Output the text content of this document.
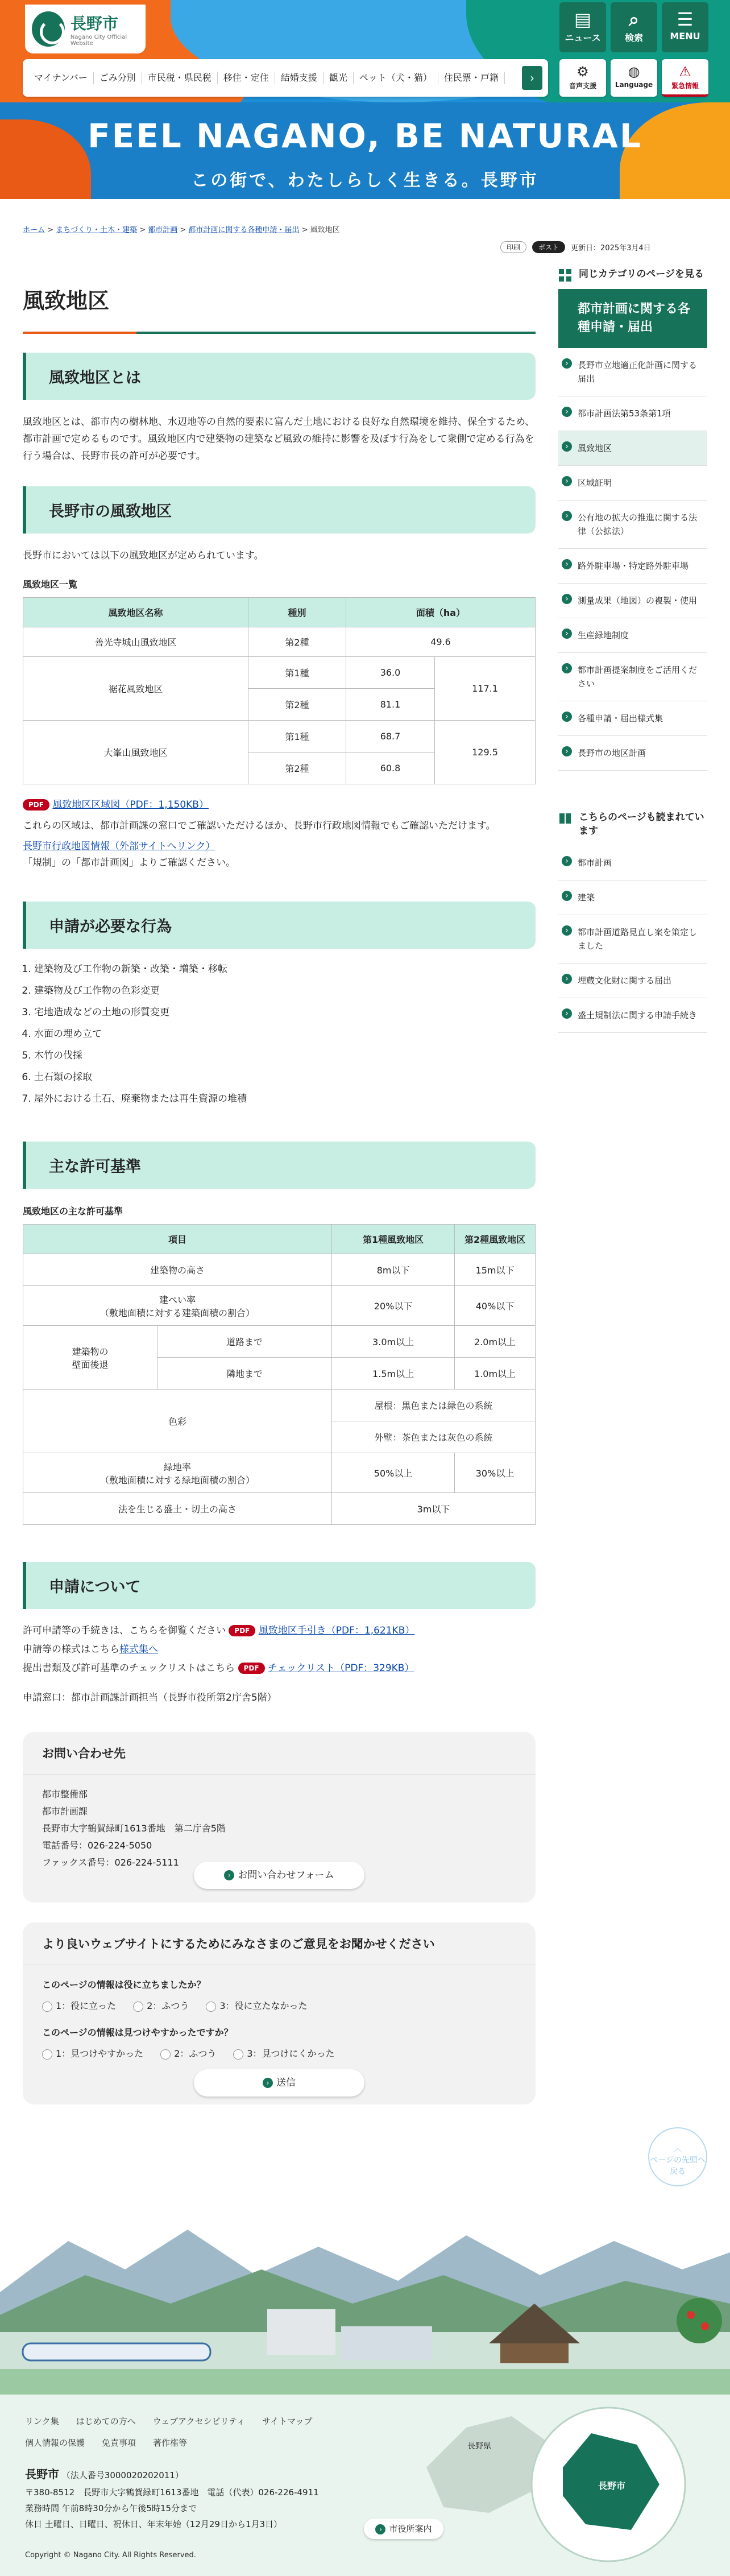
FEEL NAGANO, BE NATURAL
この街で、わたしらしく生きる。長野市
長野市
Nagano City Official Website
マイナンバー	ごみ分別	市民税・県民税	移住・定住	結婚支援	観光	ペット（犬・猫）	住民票・戸籍	›
▤
ニュース
⌕
検索
☰
MENU
⚙
音声支援
◍
Language
⚠
緊急情報
ホーム > まちづくり・土木・建築 > 都市計画 > 都市計画に関する各種申請・届出 > 風致地区
印刷	ポスト	更新日：2025年3月4日
風致地区
風致地区とは
風致地区とは、都市内の樹林地、水辺地等の自然的要素に富んだ土地における良好な自然環境を維持、保全するため、都市計画で定めるものです。風致地区内で建築物の建築など風致の維持に影響を及ぼす行為をして衆側で定める行為を行う場合は、長野市長の許可が必要です。
長野市の風致地区
長野市においては以下の風致地区が定められています。
風致地区一覧
風致地区名称	種別	面積（ha）	
善光寺城山風致地区	第2種	49.6	
裾花風致地区	第1種	36.0	117.1
	第2種	81.1	
大峯山風致地区	第1種	68.7	129.5
	第2種	60.8	
PDF 風致地区区域図（PDF：1,150KB）
これらの区域は、都市計画課の窓口でご確認いただけるほか、長野市行政地図情報でもご確認いただけます。
長野市行政地図情報（外部サイトへリンク）
「規制」の「都市計画図」よりご確認ください。
申請が必要な行為
1. 建築物及び工作物の新築・改築・増築・移転
2. 建築物及び工作物の色彩変更
3. 宅地造成などの土地の形質変更
4. 水面の埋め立て
5. 木竹の伐採
6. 土石類の採取
7. 屋外における土石、廃棄物または再生資源の堆積
主な許可基準
風致地区の主な許可基準
項目		第1種風致地区	第2種風致地区
建築物の高さ		8m以下	15m以下

建ぺい率
（敷地面積に対する建築面積の割合）		20%以下	40%以下

建築物の
壁面後退	道路まで	3.0m以上	2.0m以上
	隣地まで	1.5m以上	1.0m以上
色彩		屋根：黒色または緑色の系統	
		外壁：茶色または灰色の系統	

緑地率
（敷地面積に対する緑地面積の割合）		50%以上	30%以上
法を生じる盛土・切土の高さ		3m以下	
申請について
許可申請等の手続きは、こちらを御覧ください PDF 風致地区手引き（PDF：1,621KB）
申請等の様式はこちら様式集へ
提出書類及び許可基準のチェックリストはこちら PDF チェックリスト（PDF：329KB）
申請窓口：都市計画課計画担当（長野市役所第2庁舎5階）
お問い合わせ先
都市整備部
都市計画課
長野市大字鶴賀緑町1613番地　第二庁舎5階
電話番号：026-224-5050
ファックス番号：026-224-5111
› お問い合わせフォーム
より良いウェブサイトにするためにみなさまのご意見をお聞かせください
このページの情報は役に立ちましたか？
1：役に立った	2：ふつう	3：役に立たなかった
このページの情報は見つけやすかったですか？
1：見つけやすかった	2：ふつう	3：見つけにくかった
› 送信
同じカテゴリのページを見る
都市計画に関する各種申請・届出
› 長野市立地適正化計画に関する届出
› 都市計画法第53条第1項
› 風致地区
› 区域証明
› 公有地の拡大の推進に関する法律（公拡法）
› 路外駐車場・特定路外駐車場
› 測量成果（地図）の複製・使用
› 生産緑地制度
› 都市計画提案制度をご活用ください
› 各種申請・届出様式集
› 長野市の地区計画
こちらのページも読まれています
› 都市計画
› 建築
› 都市計画道路見直し案を策定しました
› 埋蔵文化財に関する届出
› 盛土規制法に関する申請手続き
︿
ページの先頭へ戻る
リンク集 はじめての方へ ウェブアクセシビリティ サイトマップ
個人情報の保護 免責事項 著作権等
長野市 （法人番号3000020202011）
〒380-8512　長野市大字鶴賀緑町1613番地　電話（代表）026-226-4911
業務時間 午前8時30分から午後5時15分まで
休日 土曜日、日曜日、祝休日、年末年始（12月29日から1月3日）	› 市役所案内
Copyright © Nagano City. All Rights Reserved.
長野県
長野市
